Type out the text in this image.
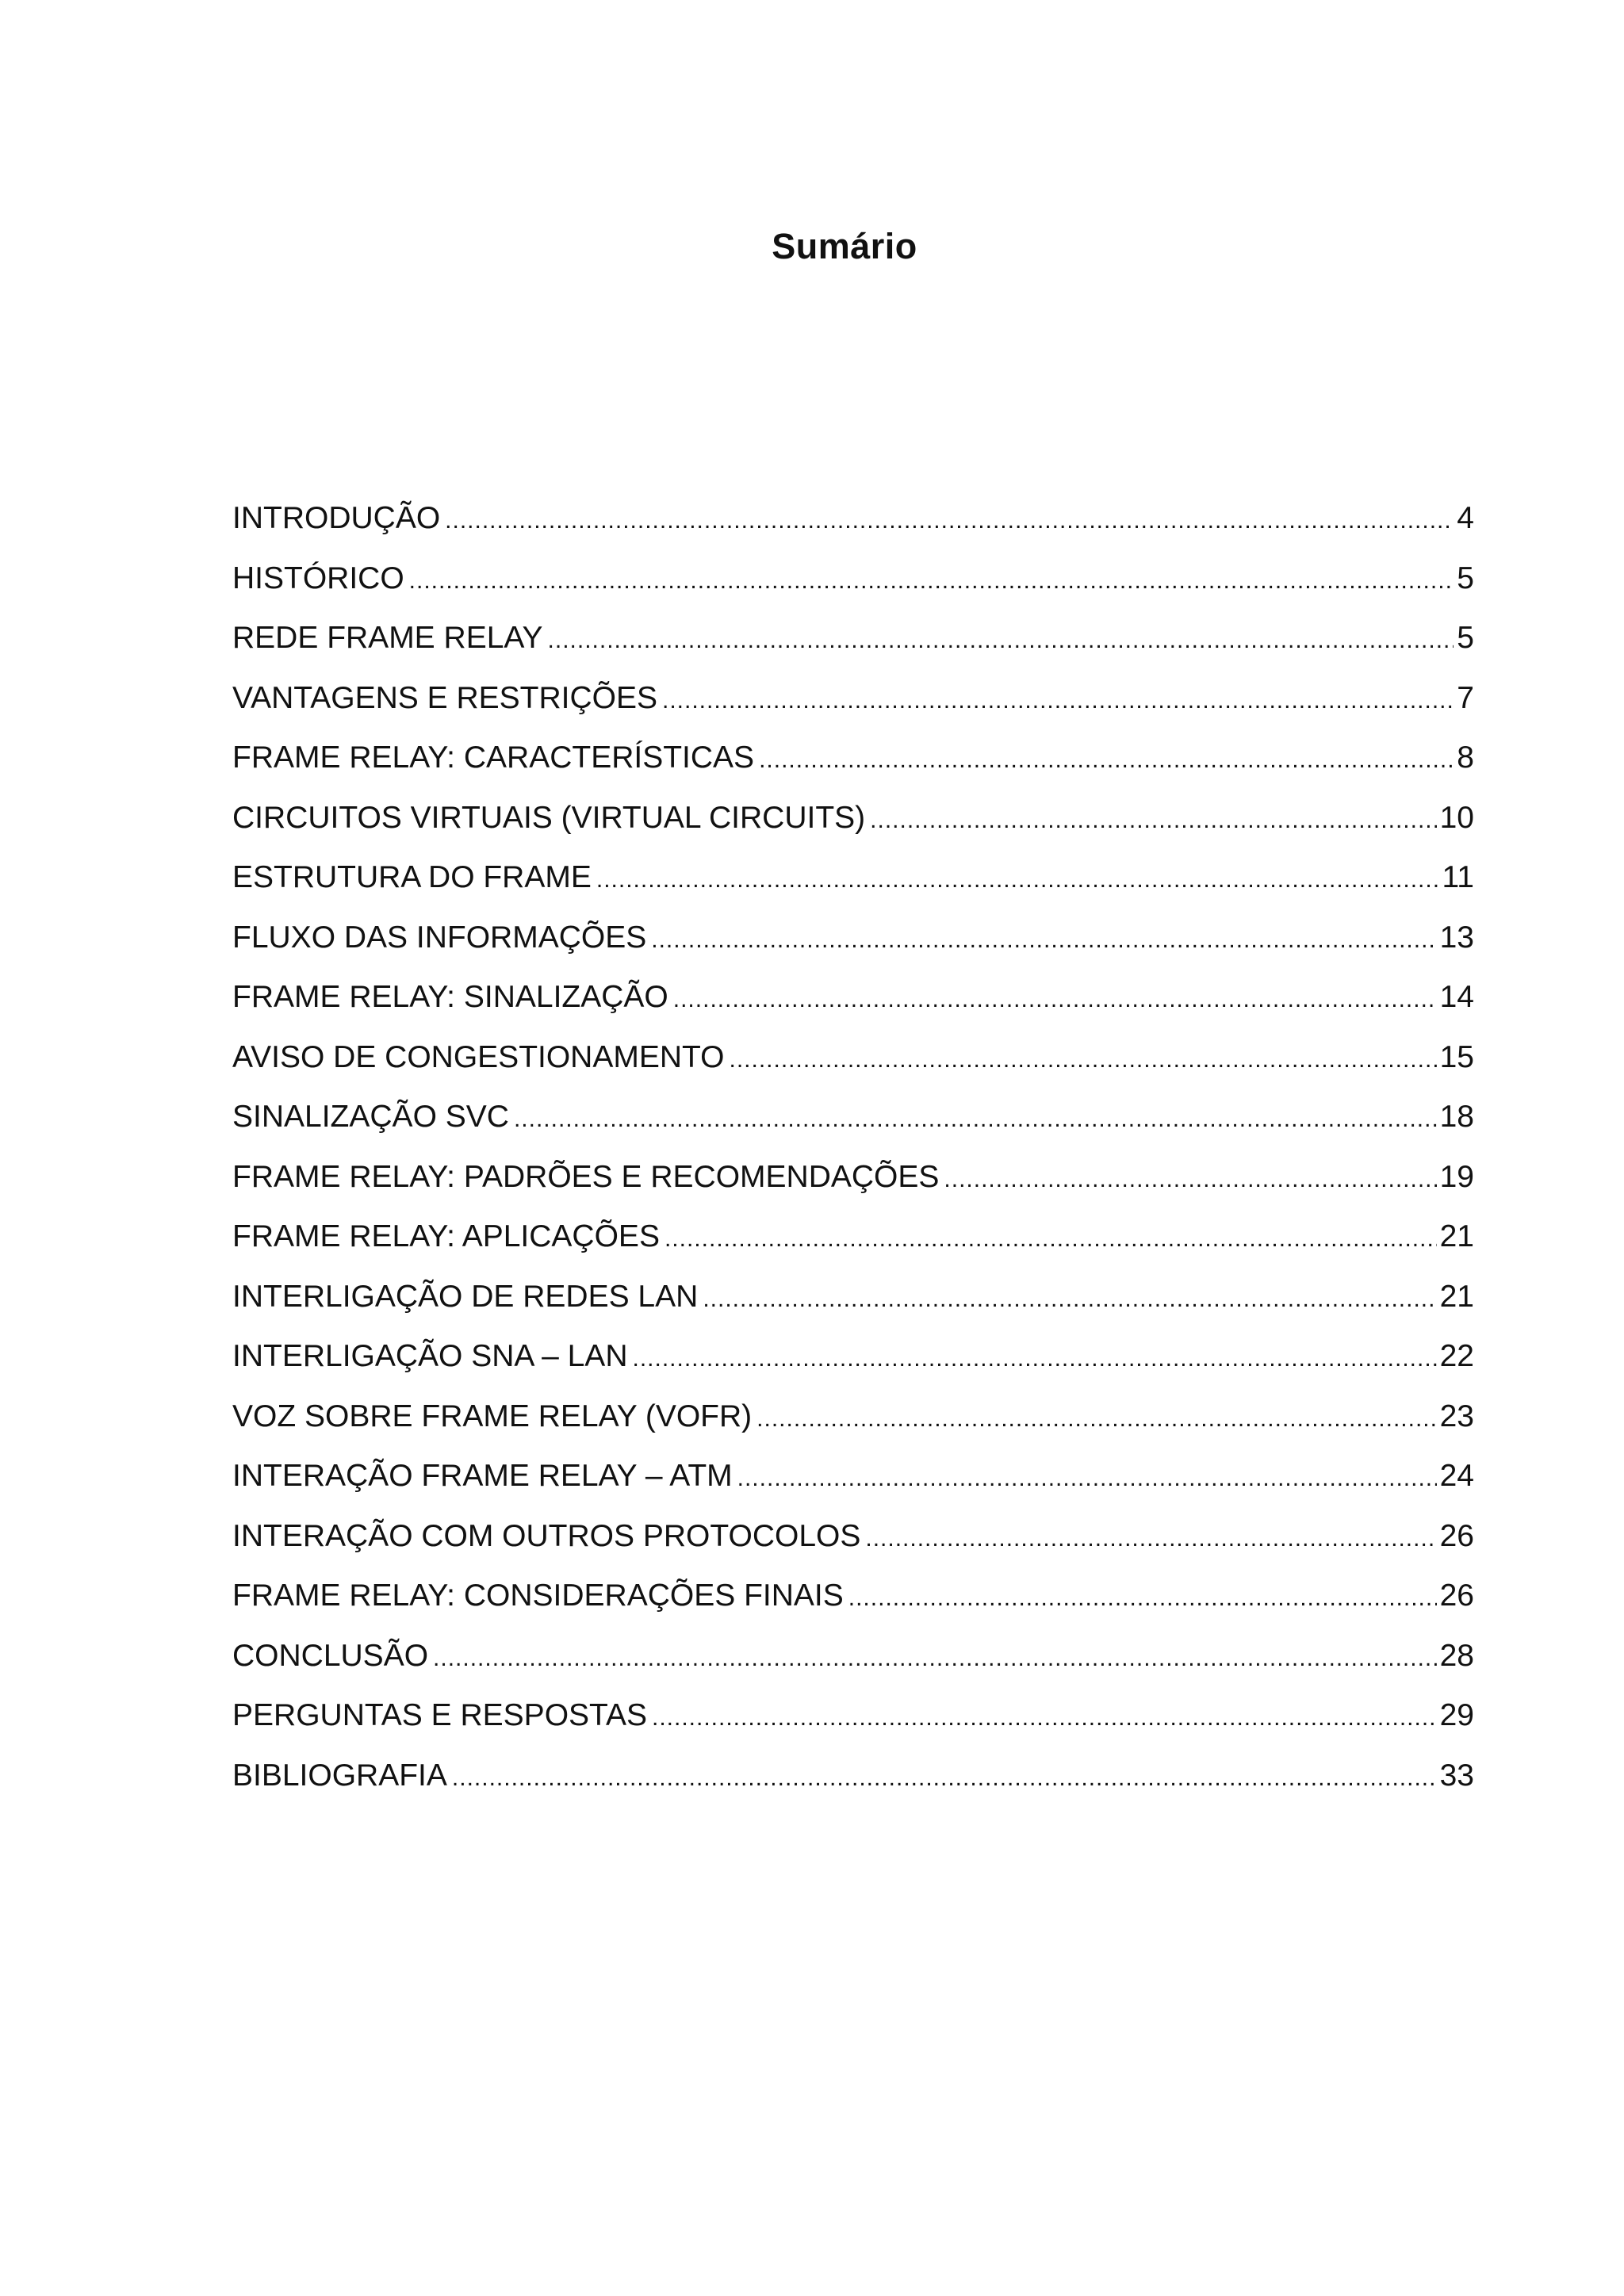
Sumário
INTRODUÇÃO .....	4
HISTÓRICO .....	5
REDE FRAME RELAY .....	5
VANTAGENS E RESTRIÇÕES .....	7
FRAME RELAY: CARACTERÍSTICAS .....	8
CIRCUITOS VIRTUAIS (VIRTUAL CIRCUITS) .....	10
ESTRUTURA DO FRAME .....	11
FLUXO DAS INFORMAÇÕES .....	13
FRAME RELAY: SINALIZAÇÃO .....	14
AVISO DE CONGESTIONAMENTO .....	15
SINALIZAÇÃO SVC .....	18
FRAME RELAY: PADRÕES E RECOMENDAÇÕES .....	19
FRAME RELAY: APLICAÇÕES .....	21
INTERLIGAÇÃO DE REDES LAN .....	21
INTERLIGAÇÃO SNA – LAN .....	22
VOZ SOBRE FRAME RELAY (VOFR) .....	23
INTERAÇÃO FRAME RELAY – ATM .....	24
INTERAÇÃO COM OUTROS PROTOCOLOS .....	26
FRAME RELAY: CONSIDERAÇÕES FINAIS .....	26
CONCLUSÃO .....	28
PERGUNTAS E RESPOSTAS .....	29
BIBLIOGRAFIA .....	33
